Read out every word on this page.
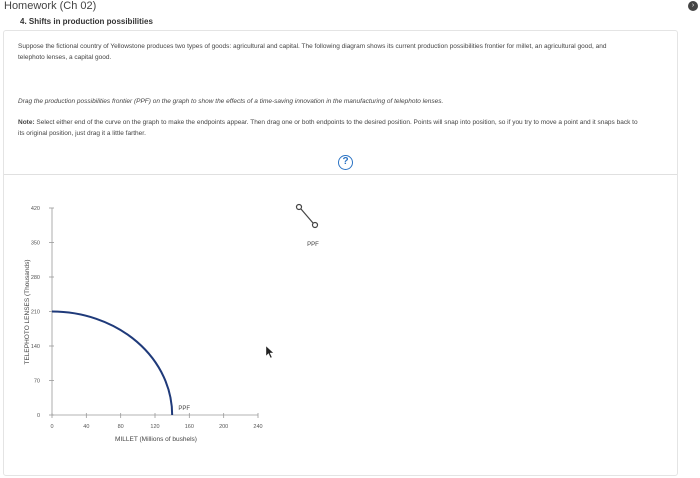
Homework (Ch 02)	›
4. Shifts in production possibilities
Suppose the fictional country of Yellowstone produces two types of goods: agricultural and capital. The following diagram shows its current production possibilities frontier for millet, an agricultural good, and telephoto lenses, a capital good.
Drag the production possibilities frontier (PPF) on the graph to show the effects of a time-saving innovation in the manufacturing of telephoto lenses.
Note: Select either end of the curve on the graph to make the endpoints appear. Then drag one or both endpoints to the desired position. Points will snap into position, so if you try to move a point and it snaps back to its original position, just drag it a little farther.
?
TELEPHOTO LENSES (Thousands)
MILLET (Millions of bushels)
0
70
140
210
280
350
420
0	40	80	120	160	200	240
PPF
PPF
